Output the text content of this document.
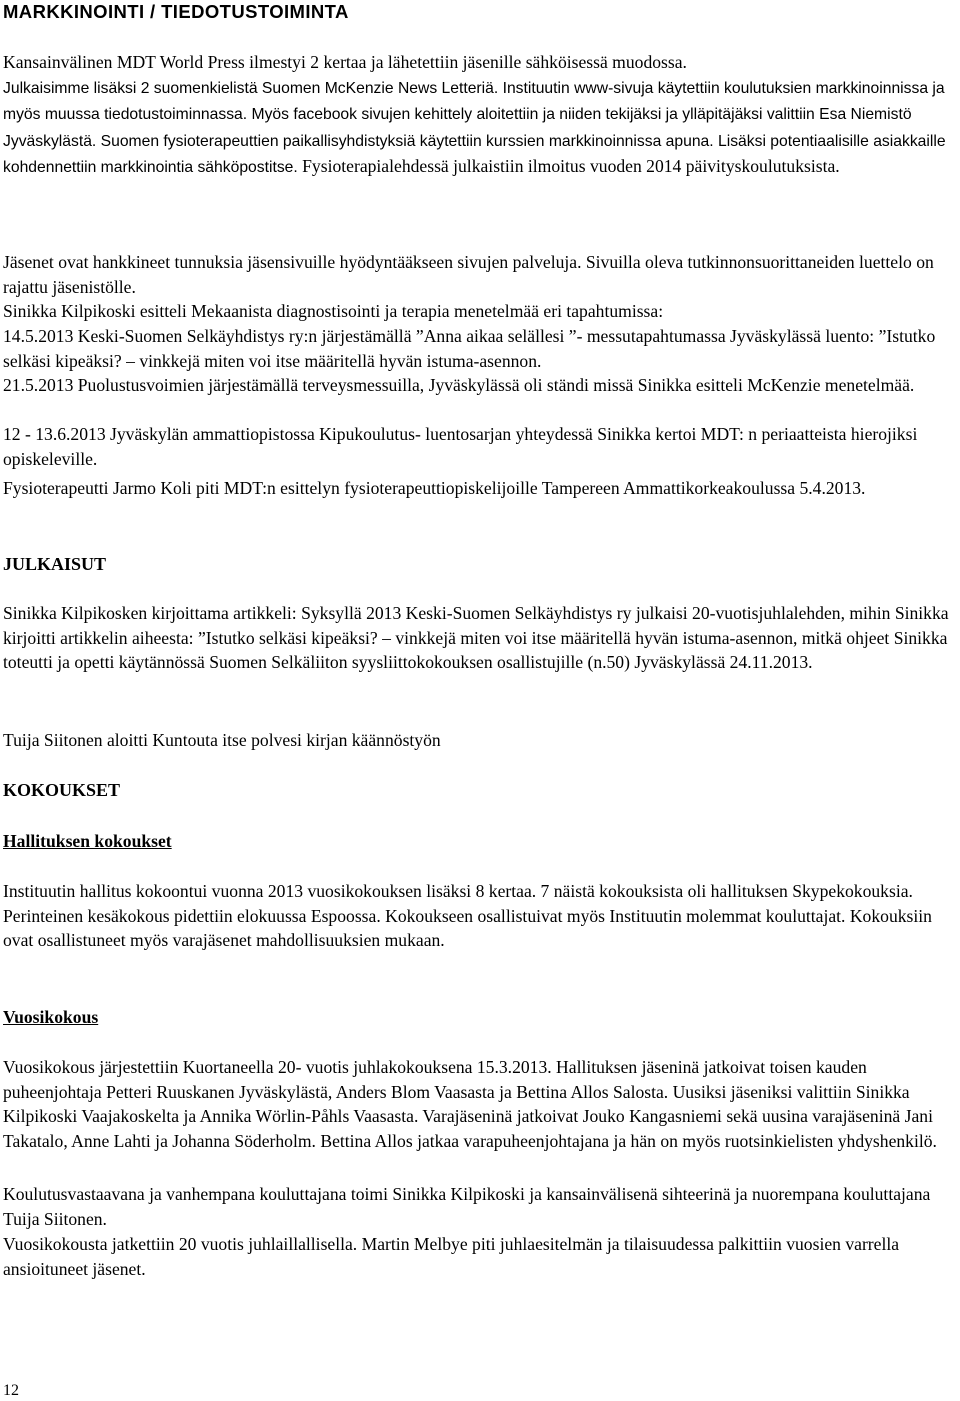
MARKKINOINTI / TIEDOTUSTOIMINTA

Kansainvälinen MDT World Press ilmestyi 2 kertaa ja lähetettiin jäsenille sähköisessä muodossa.
Julkaisimme lisäksi 2 suomenkielistä Suomen McKenzie News Letteriä. Instituutin www-sivuja käytettiin koulutuksien markkinoinnissa ja myös muussa tiedotustoiminnassa. Myös facebook sivujen kehittely aloitettiin ja niiden tekijäksi ja ylläpitäjäksi valittiin Esa Niemistö Jyväskylästä. Suomen fysioterapeuttien paikallisyhdistyksiä käytettiin kurssien markkinoinnissa apuna. Lisäksi potentiaalisille asiakkaille kohdennettiin markkinointia sähköpostitse. Fysioterapialehdessä julkaistiin ilmoitus vuoden 2014 päivityskoulutuksista.

Jäsenet ovat hankkineet tunnuksia jäsensivuille hyödyntääkseen sivujen palveluja. Sivuilla oleva tutkinnonsuorittaneiden luettelo on rajattu jäsenistölle.

Sinikka Kilpikoski esitteli Mekaanista diagnostisointi ja terapia menetelmää eri tapahtumissa:

14.5.2013 Keski-Suomen Selkäyhdistys ry:n järjestämällä ”Anna aikaa selällesi ”- messutapahtumassa Jyväskylässä luento: ”Istutko selkäsi kipeäksi? – vinkkejä miten voi itse määritellä hyvän istuma-asennon.

21.5.2013 Puolustusvoimien järjestämällä terveysmessuilla, Jyväskylässä oli ständi missä Sinikka esitteli McKenzie menetelmää.

12 - 13.6.2013 Jyväskylän ammattiopistossa Kipukoulutus- luentosarjan yhteydessä Sinikka kertoi MDT: n periaatteista hierojiksi opiskeleville.

Fysioterapeutti Jarmo Koli piti MDT:n esittelyn fysioterapeuttiopiskelijoille Tampereen Ammattikorkeakoulussa 5.4.2013.

JULKAISUT

Sinikka Kilpikosken kirjoittama artikkeli: Syksyllä 2013 Keski-Suomen Selkäyhdistys ry julkaisi 20-vuotisjuhlalehden, mihin Sinikka kirjoitti artikkelin aiheesta: ”Istutko selkäsi kipeäksi? – vinkkejä miten voi itse määritellä hyvän istuma-asennon, mitkä ohjeet Sinikka toteutti ja opetti käytännössä Suomen Selkäliiton syysliittokokouksen osallistujille (n.50) Jyväskylässä 24.11.2013.

Tuija Siitonen aloitti Kuntouta itse polvesi kirjan käännöstyön

KOKOUKSET
Hallituksen kokoukset

Instituutin hallitus kokoontui vuonna 2013 vuosikokouksen lisäksi 8 kertaa. 7 näistä kokouksista oli hallituksen Skypekokouksia. Perinteinen kesäkokous pidettiin elokuussa Espoossa. Kokoukseen osallistuivat myös Instituutin molemmat kouluttajat. Kokouksiin ovat osallistuneet myös varajäsenet mahdollisuuksien mukaan.

Vuosikokous

Vuosikokous järjestettiin Kuortaneella 20- vuotis juhlakokouksena 15.3.2013. Hallituksen jäseninä jatkoivat toisen kauden puheenjohtaja Petteri Ruuskanen Jyväskylästä, Anders Blom Vaasasta ja Bettina Allos Salosta. Uusiksi jäseniksi valittiin Sinikka Kilpikoski Vaajakoskelta ja Annika Wörlin-Påhls Vaasasta. Varajäseninä jatkoivat Jouko Kangasniemi sekä uusina varajäseninä Jani Takatalo, Anne Lahti ja Johanna Söderholm. Bettina Allos jatkaa varapuheenjohtajana ja hän on myös ruotsinkielisten yhdyshenkilö.

Koulutusvastaavana ja vanhempana kouluttajana toimi Sinikka Kilpikoski ja kansainvälisenä sihteerinä ja nuorempana kouluttajana Tuija Siitonen.

Vuosikokousta jatkettiin 20 vuotis juhlaillallisella. Martin Melbye piti juhlaesitelmän ja tilaisuudessa palkittiin vuosien varrella ansioituneet jäsenet.

12
